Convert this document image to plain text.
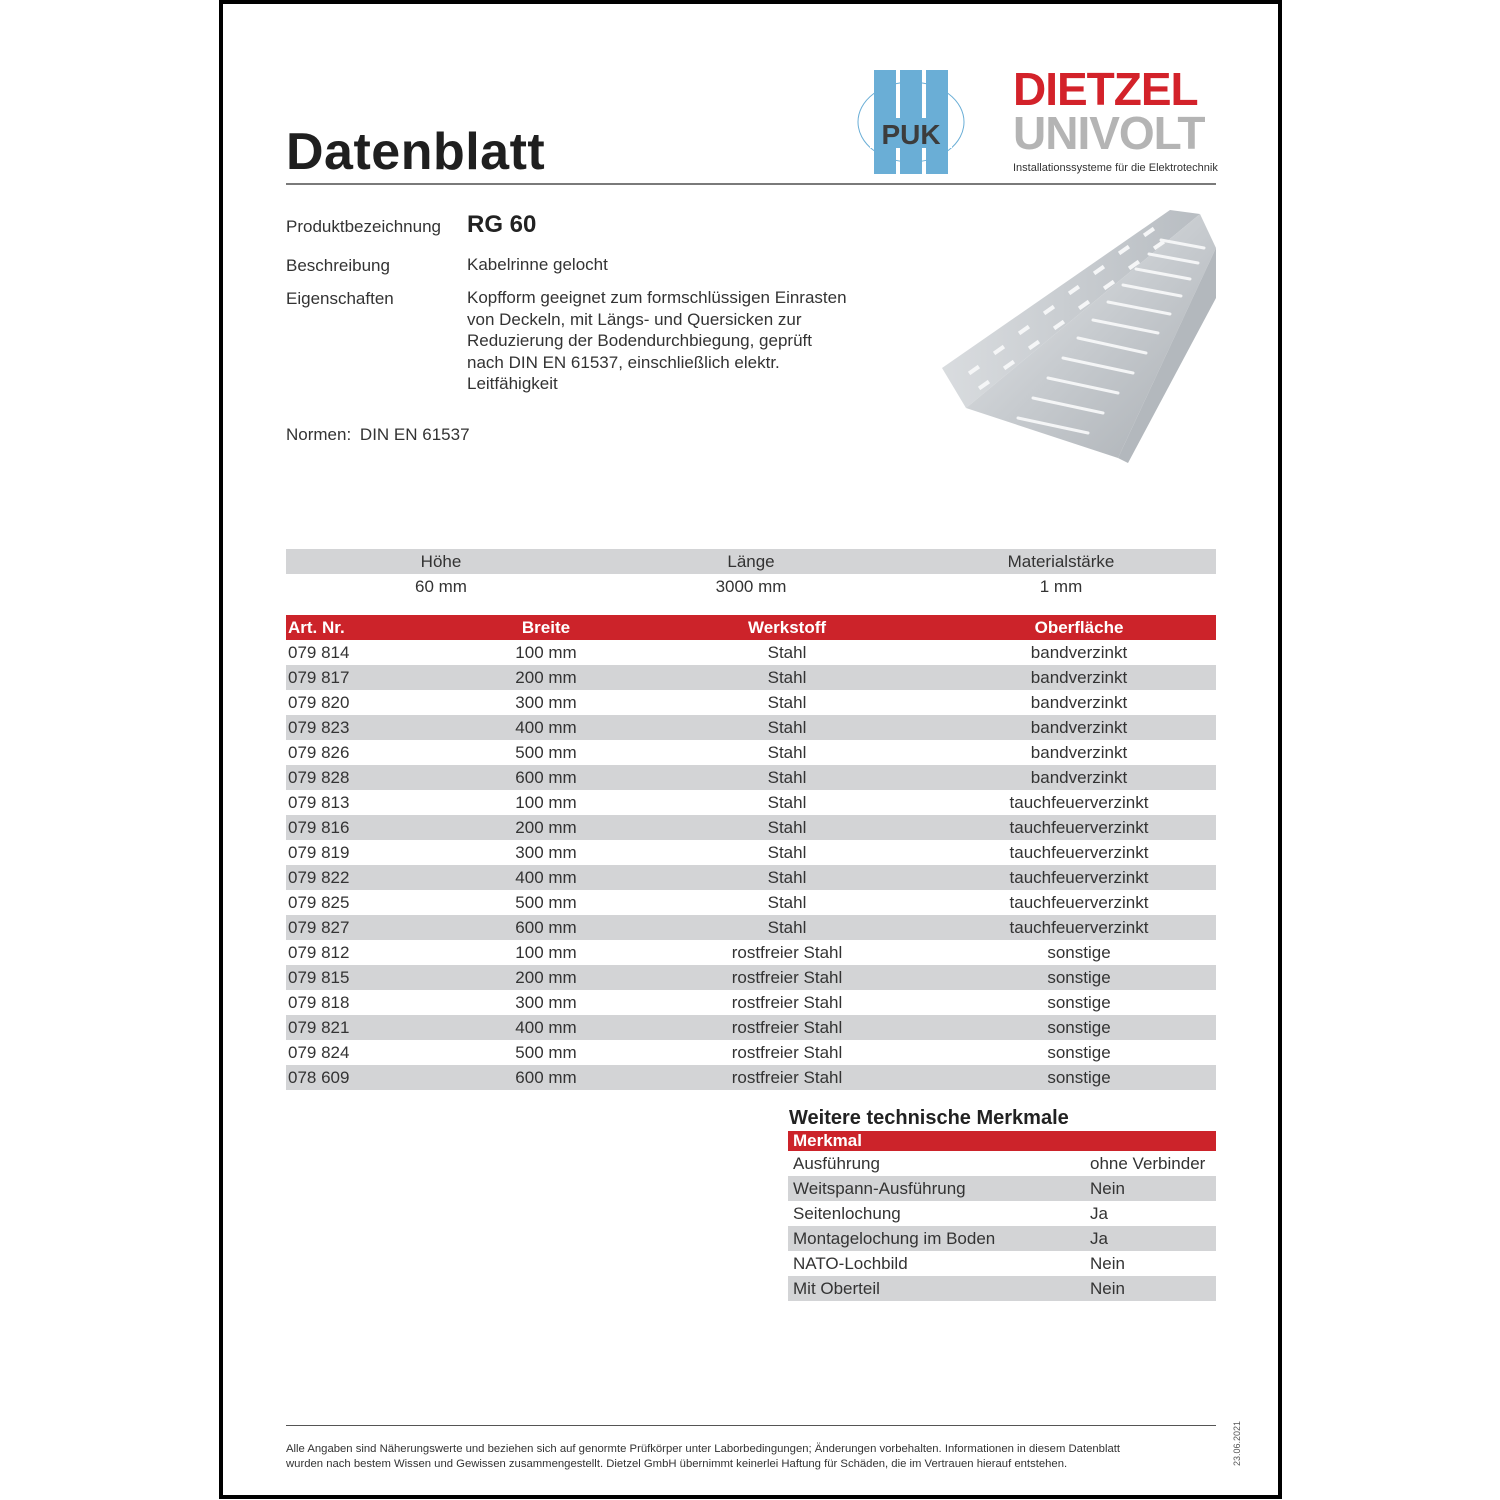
Datenblatt	PUK
DIETZEL
UNIVOLT
Installationssysteme für die Elektrotechnik
Produktbezeichnung RG 60
Beschreibung	Kabelrinne gelocht
Eigenschaften	Kopfform geeignet zum formschlüssigen Einrasten
von Deckeln, mit Längs- und Quersicken zur
Reduzierung der Bodendurchbiegung, geprüft
nach DIN EN 61537, einschließlich elektr.
Leitfähigkeit
Normen: DIN EN 61537
Höhe	Länge	Materialstärke
60 mm	3000 mm	1 mm
Art. Nr.	Breite	Werkstoff	Oberfläche
079 814	100 mm	Stahl	bandverzinkt
079 817	200 mm	Stahl	bandverzinkt
079 820	300 mm	Stahl	bandverzinkt
079 823	400 mm	Stahl	bandverzinkt
079 826	500 mm	Stahl	bandverzinkt
079 828	600 mm	Stahl	bandverzinkt
079 813	100 mm	Stahl	tauchfeuerverzinkt
079 816	200 mm	Stahl	tauchfeuerverzinkt
079 819	300 mm	Stahl	tauchfeuerverzinkt
079 822	400 mm	Stahl	tauchfeuerverzinkt
079 825	500 mm	Stahl	tauchfeuerverzinkt
079 827	600 mm	Stahl	tauchfeuerverzinkt
079 812	100 mm	rostfreier Stahl	sonstige
079 815	200 mm	rostfreier Stahl	sonstige
079 818	300 mm	rostfreier Stahl	sonstige
079 821	400 mm	rostfreier Stahl	sonstige
079 824	500 mm	rostfreier Stahl	sonstige
078 609	600 mm	rostfreier Stahl	sonstige
Weitere technische Merkmale
Merkmal
Ausführung	ohne Verbinder
Weitspann-Ausführung	Nein
Seitenlochung	Ja
Montagelochung im Boden	Ja
NATO-Lochbild	Nein
Mit Oberteil	Nein
Alle Angaben sind Näherungswerte und beziehen sich auf genormte Prüfkörper unter Laborbedingungen; Änderungen vorbehalten. Informationen in diesem Datenblatt
wurden nach bestem Wissen und Gewissen zusammengestellt. Dietzel GmbH übernimmt keinerlei Haftung für Schäden, die im Vertrauen hierauf entstehen.	23.06.2021
